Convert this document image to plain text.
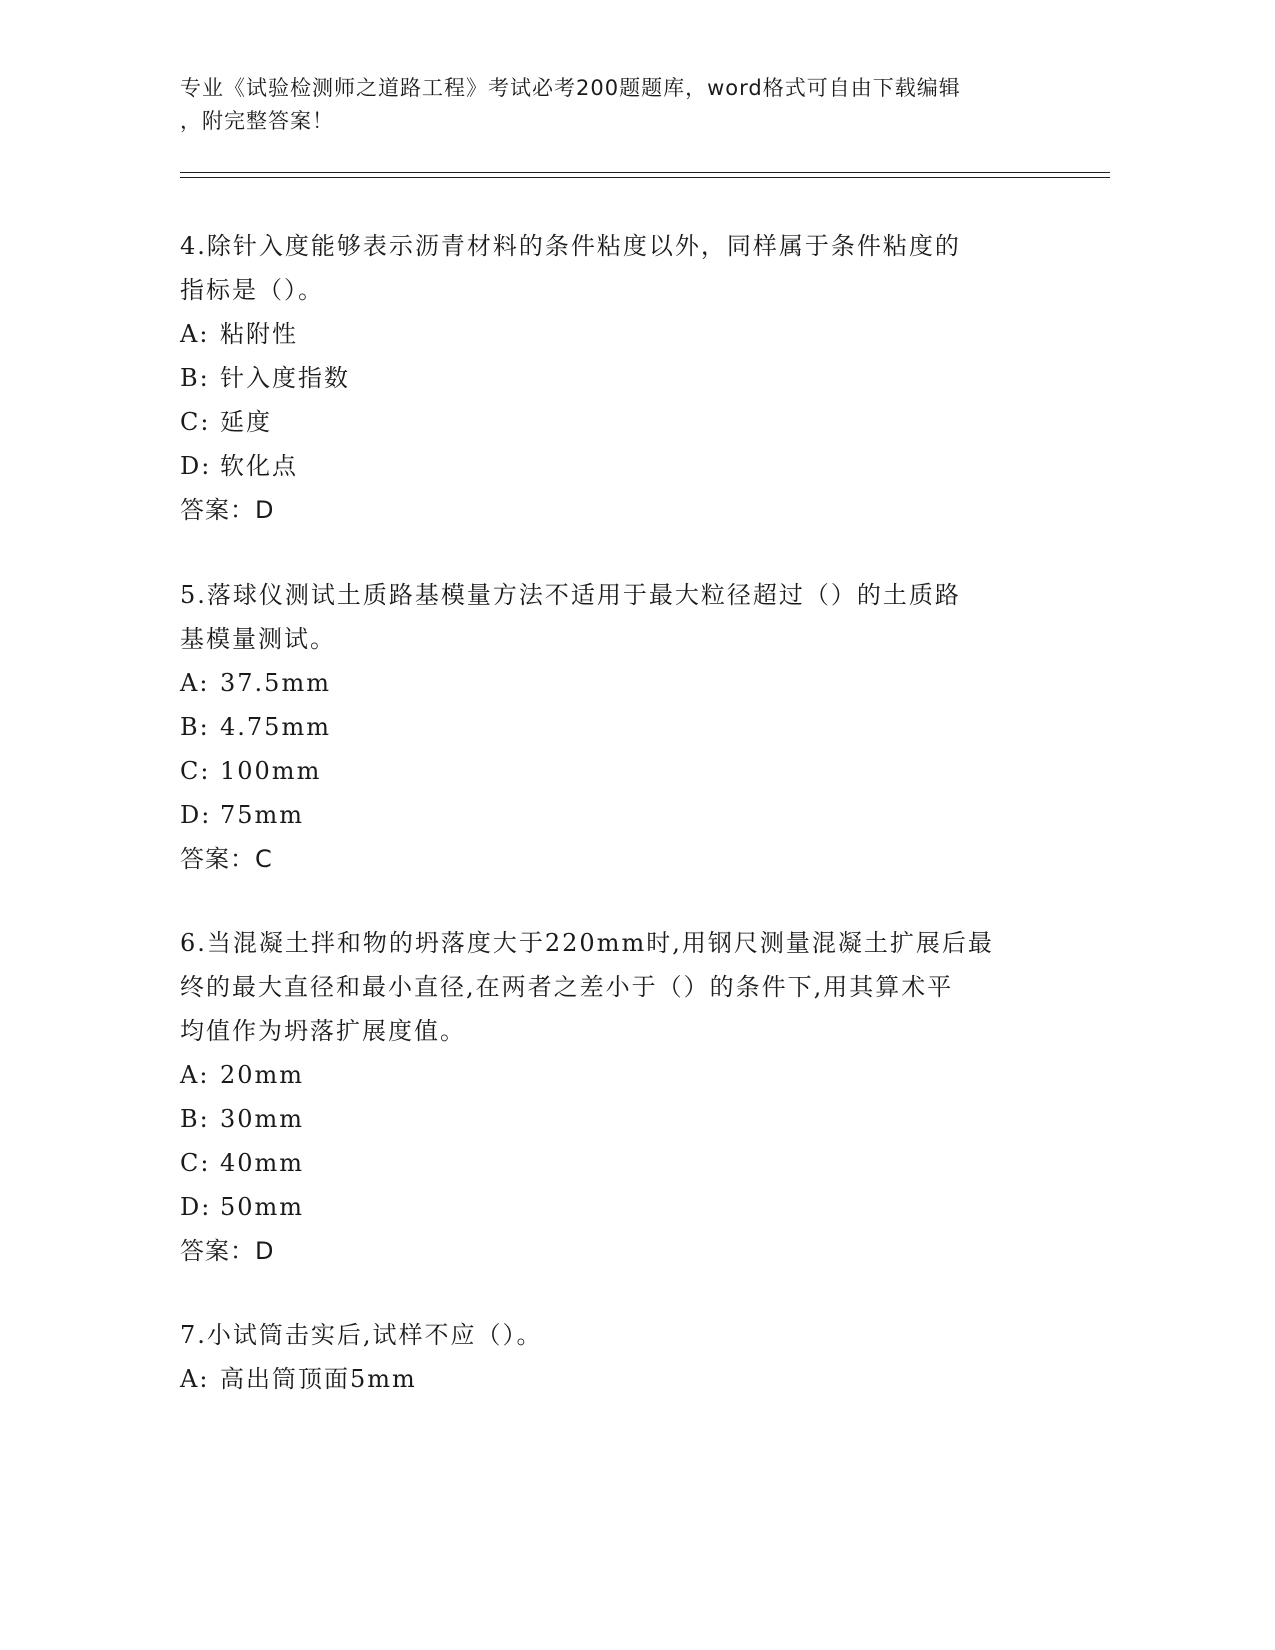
专业《试验检测师之道路工程》考试必考200题题库，word格式可自由下载编辑
，附完整答案！
4.除针入度能够表示沥青材料的条件粘度以外，同样属于条件粘度的
指标是（）。
A: 粘附性
B: 针入度指数
C: 延度
D: 软化点
答案：D
5.落球仪测试土质路基模量方法不适用于最大粒径超过（）的土质路
基模量测试。
A: 37.5mm
B: 4.75mm
C: 100mm
D: 75mm
答案：C
6.当混凝土拌和物的坍落度大于220mm时,用钢尺测量混凝土扩展后最
终的最大直径和最小直径,在两者之差小于（）的条件下,用其算术平
均值作为坍落扩展度值。
A: 20mm
B: 30mm
C: 40mm
D: 50mm
答案：D
7.小试筒击实后,试样不应（）。
A: 高出筒顶面5mm
